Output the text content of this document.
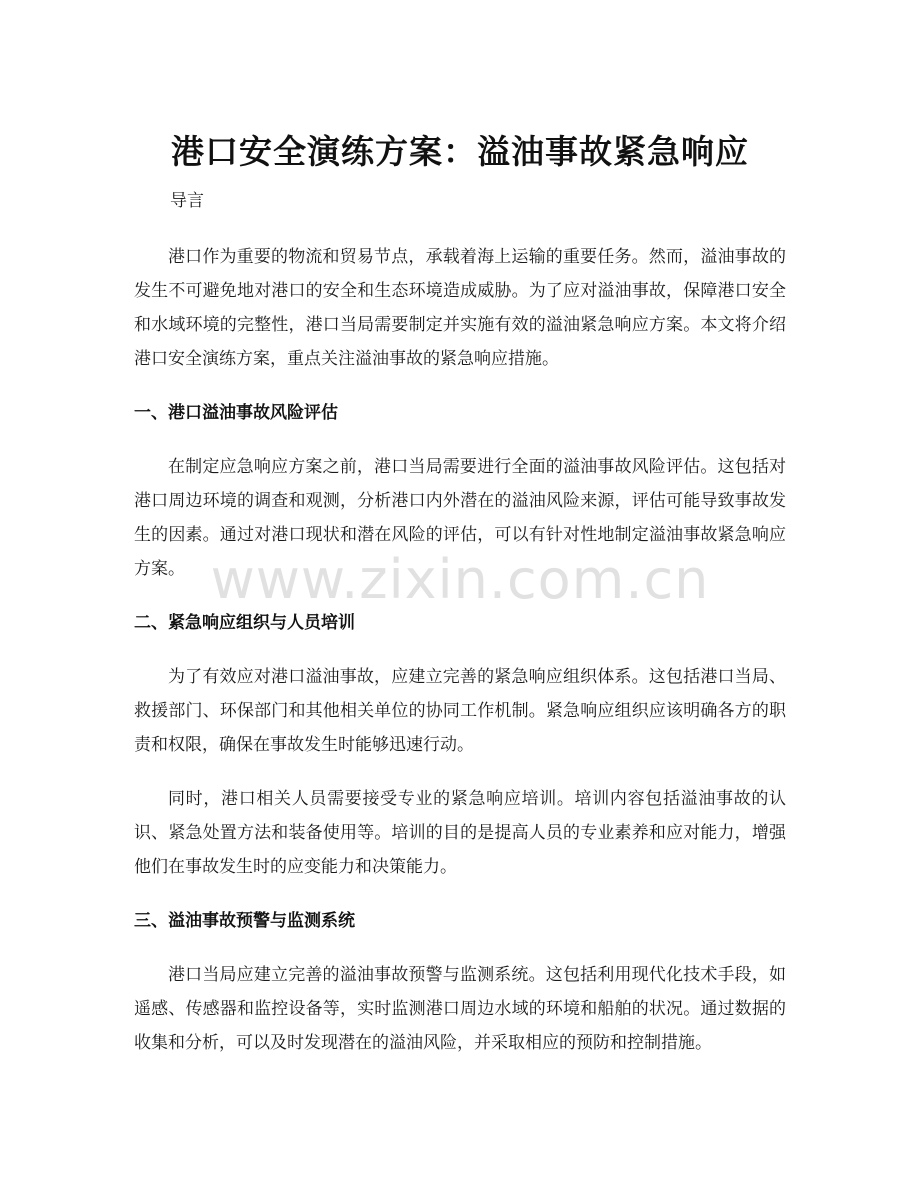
港口安全演练方案：溢油事故紧急响应

导言

港口作为重要的物流和贸易节点，承载着海上运输的重要任务。然而，溢油事故的发生不可避免地对港口的安全和生态环境造成威胁。为了应对溢油事故，保障港口安全和水域环境的完整性，港口当局需要制定并实施有效的溢油紧急响应方案。本文将介绍港口安全演练方案，重点关注溢油事故的紧急响应措施。

一、港口溢油事故风险评估

在制定应急响应方案之前，港口当局需要进行全面的溢油事故风险评估。这包括对港口周边环境的调查和观测，分析港口内外潜在的溢油风险来源，评估可能导致事故发生的因素。通过对港口现状和潜在风险的评估，可以有针对性地制定溢油事故紧急响应方案。

二、紧急响应组织与人员培训

为了有效应对港口溢油事故，应建立完善的紧急响应组织体系。这包括港口当局、救援部门、环保部门和其他相关单位的协同工作机制。紧急响应组织应该明确各方的职责和权限，确保在事故发生时能够迅速行动。

同时，港口相关人员需要接受专业的紧急响应培训。培训内容包括溢油事故的认识、紧急处置方法和装备使用等。培训的目的是提高人员的专业素养和应对能力，增强他们在事故发生时的应变能力和决策能力。

三、溢油事故预警与监测系统

港口当局应建立完善的溢油事故预警与监测系统。这包括利用现代化技术手段，如遥感、传感器和监控设备等，实时监测港口周边水域的环境和船舶的状况。通过数据的收集和分析，可以及时发现潜在的溢油风险，并采取相应的预防和控制措施。

www.zixin.com.cn
